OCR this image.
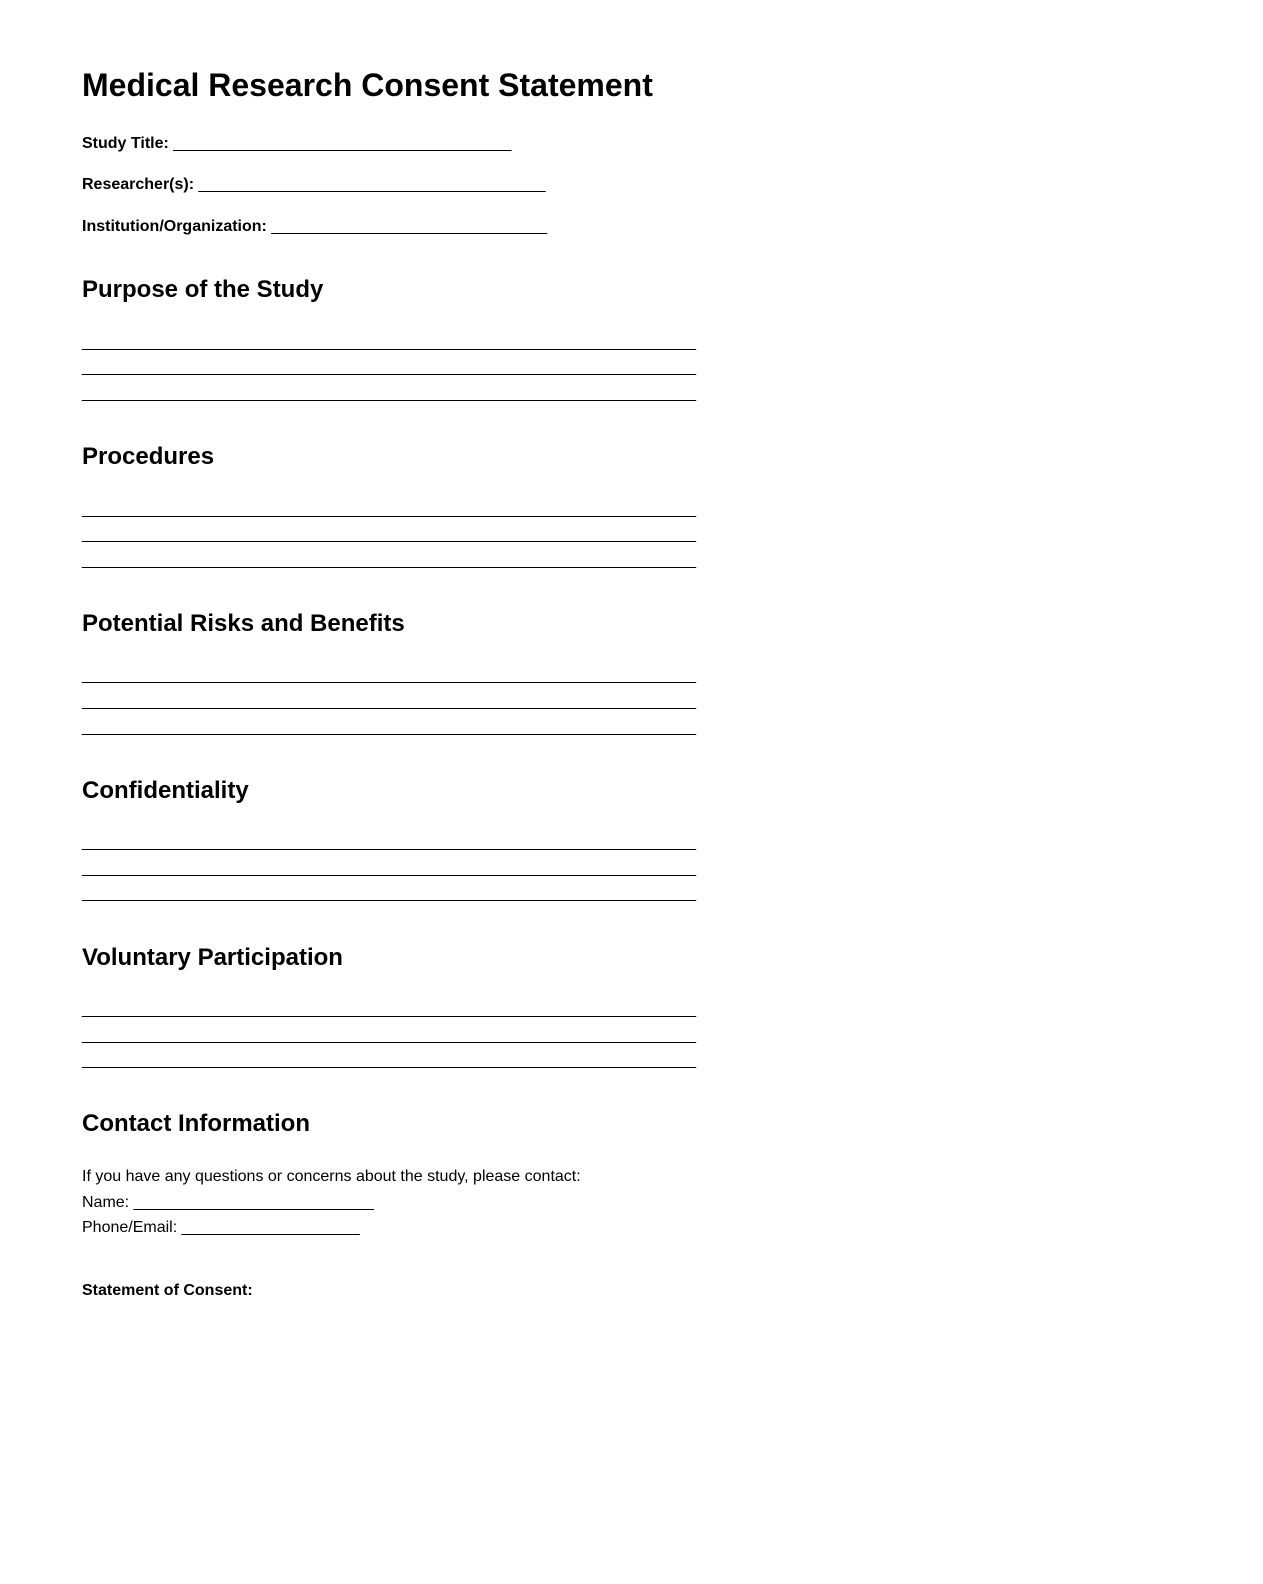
Medical Research Consent Statement

Study Title: ______________________________________

Researcher(s): _______________________________________

Institution/Organization: _______________________________

Purpose of the Study
_____________________________________________________________________
_____________________________________________________________________
_____________________________________________________________________
Procedures
_____________________________________________________________________
_____________________________________________________________________
_____________________________________________________________________
Potential Risks and Benefits
_____________________________________________________________________
_____________________________________________________________________
_____________________________________________________________________
Confidentiality
_____________________________________________________________________
_____________________________________________________________________
_____________________________________________________________________
Voluntary Participation
_____________________________________________________________________
_____________________________________________________________________
_____________________________________________________________________
Contact Information
If you have any questions or concerns about the study, please contact:
Name: ___________________________
Phone/Email: ____________________

Statement of Consent:
